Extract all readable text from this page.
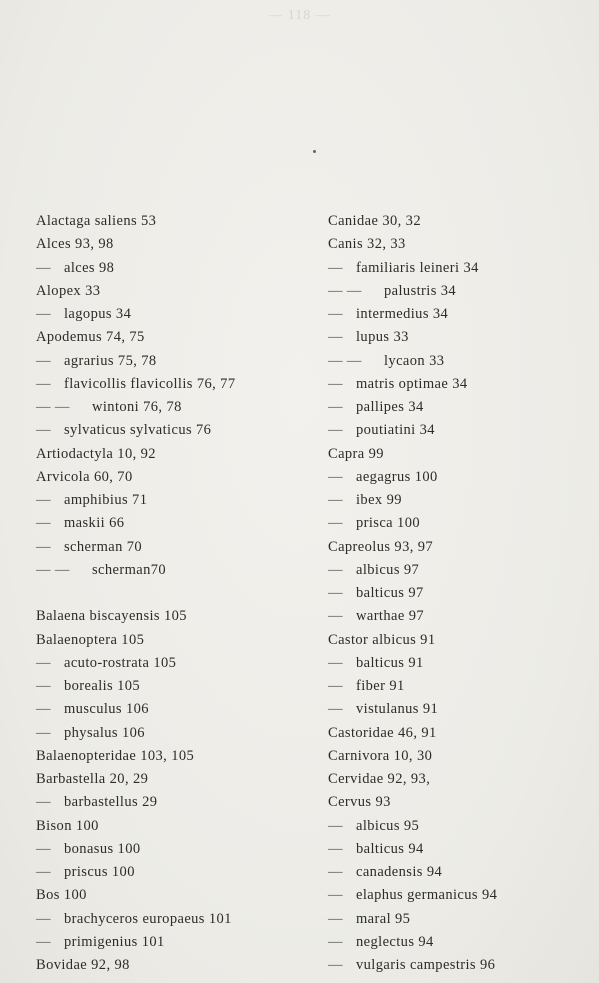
— 118 —
Alactaga saliens 53
Alces 93, 98
— alces 98
Alopex 33
— lagopus 34
Apodemus 74, 75
— agrarius 75, 78
— flavicollis flavicollis 76, 77
— — wintoni 76, 78
— sylvaticus sylvaticus 76
Artiodactyla 10, 92
Arvicola 60, 70
— amphibius 71
— maskii 66
— scherman 70
— — scherman70
Balaena biscayensis 105
Balaenoptera 105
— acuto-rostrata 105
— borealis 105
— musculus 106
— physalus 106
Balaenopteridae 103, 105
Barbastella 20, 29
— barbastellus 29
Bison 100
— bonasus 100
— priscus 100
Bos 100
— brachyceros europaeus 101
— primigenius 101
Bovidae 92, 98
Canidae 30, 32
Canis 32, 33
— familiaris leineri 34
— — palustris 34
— intermedius 34
— lupus 33
— — lycaon 33
— matris optimae 34
— pallipes 34
— poutiatini 34
Capra 99
— aegagrus 100
— ibex 99
— prisca 100
Capreolus 93, 97
— albicus 97
— balticus 97
— warthae 97
Castor albicus 91
— balticus 91
— fiber 91
— vistulanus 91
Castoridae 46, 91
Carnivora 10, 30
Cervidae 92, 93,
Cervus 93
— albicus 95
— balticus 94
— canadensis 94
— elaphus germanicus 94
— maral 95
— neglectus 94
— vulgaris campestris 96
